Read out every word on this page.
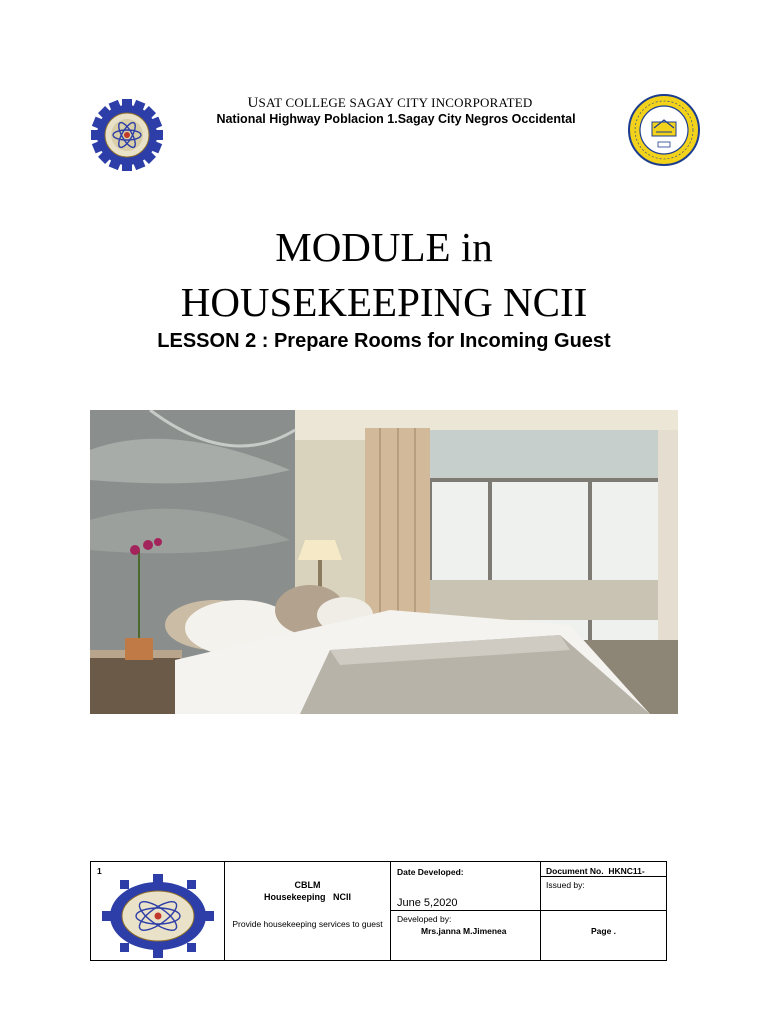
USAT COLLEGE SAGAY CITY INCORPORATED
National Highway Poblacion 1.Sagay City Negros Occidental
MODULE in
HOUSEKEEPING NCII
LESSON 2 : Prepare Rooms for Incoming Guest
1
CBLM
Housekeeping   NCII
Provide housekeeping services to guest
Date Developed:
June 5,2020
Developed by:
Mrs.janna M.Jimenea
Document No.  HKNC11-
Issued by:
Page .
